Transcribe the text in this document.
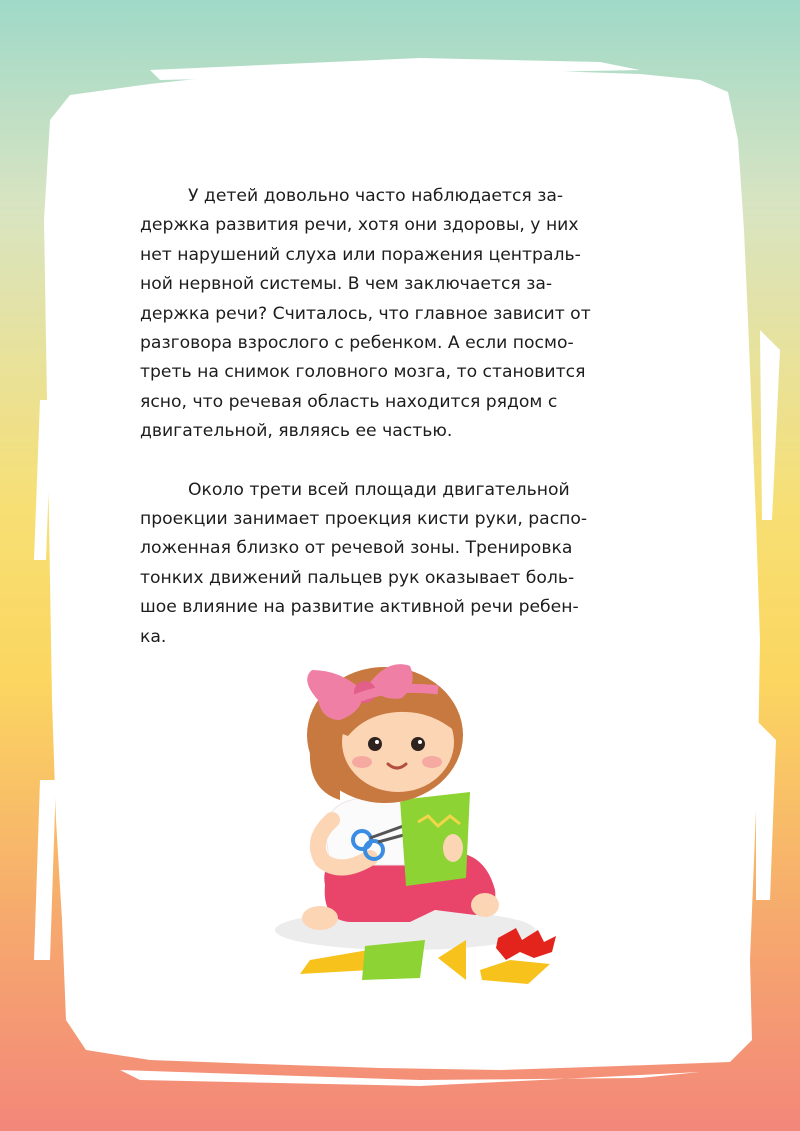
У детей довольно часто наблюдается за-
держка развития речи, хотя они здоровы, у них
нет нарушений слуха или поражения централь-
ной нервной системы. В чем заключается за-
держка речи? Считалось, что главное зависит от
разговора взрослого с ребенком. А если посмо-
треть на снимок головного мозга, то становится
ясно, что речевая область находится рядом с
двигательной, являясь ее частью.

Около трети всей площади двигательной
проекции занимает проекция кисти руки, распо-
ложенная близко от речевой зоны. Тренировка
тонких движений пальцев рук оказывает боль-
шое влияние на развитие активной речи ребен-
ка.
